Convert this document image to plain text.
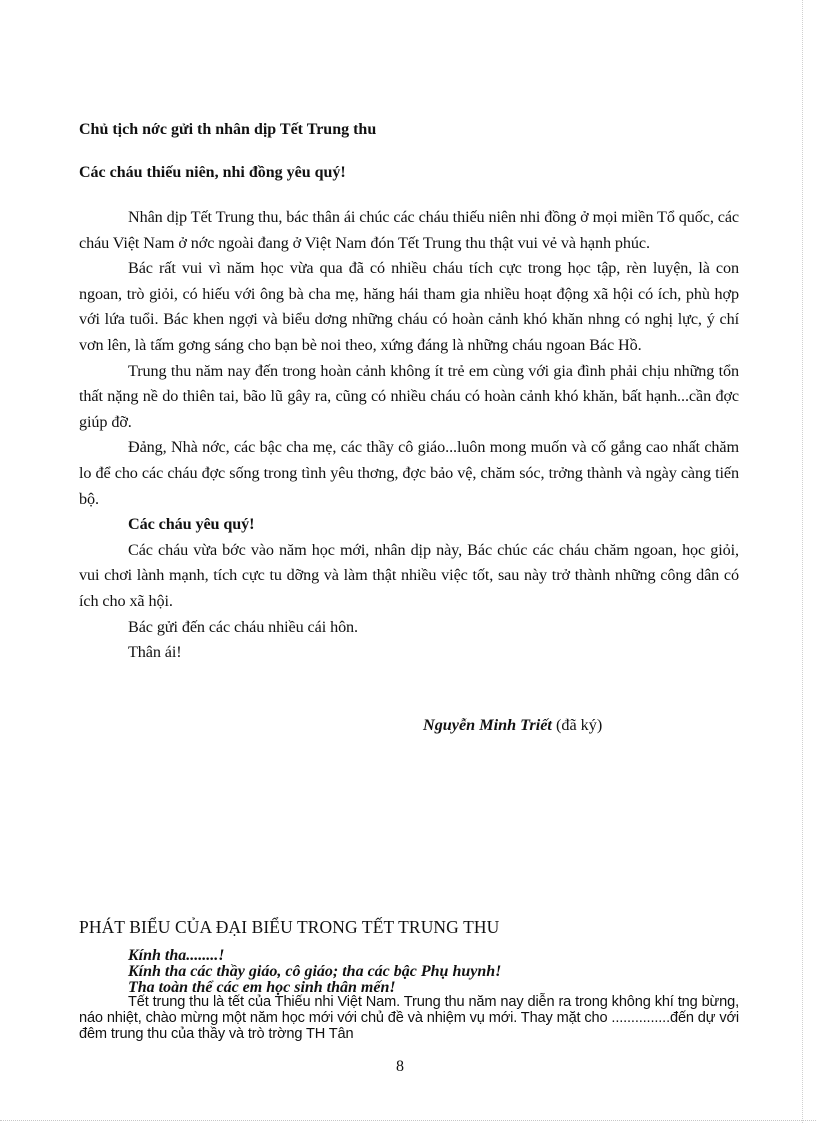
Chủ tịch nớc gửi th nhân dịp Tết Trung thu
Các cháu thiếu niên, nhi đồng yêu quý!

Nhân dịp Tết Trung thu, bác thân ái chúc các cháu thiếu niên nhi đồng ở mọi miền Tổ quốc, các cháu Việt Nam ở nớc ngoài đang ở Việt Nam đón Tết Trung thu thật vui vẻ và hạnh phúc.

Bác rất vui vì năm học vừa qua đã có nhiều cháu tích cực trong học tập, rèn luyện, là con ngoan, trò giỏi, có hiếu với ông bà cha mẹ, hăng hái tham gia nhiều hoạt động xã hội có ích, phù hợp với lứa tuổi. Bác khen ngợi và biểu dơng những cháu có hoàn cảnh khó khăn nhng có nghị lực, ý chí vơn lên, là tấm gơng sáng cho bạn bè noi theo, xứng đáng là những cháu ngoan Bác Hồ.

Trung thu năm nay đến trong hoàn cảnh không ít trẻ em cùng với gia đình phải chịu những tổn thất nặng nề do thiên tai, bão lũ gây ra, cũng có nhiều cháu có hoàn cảnh khó khăn, bất hạnh...cần đợc giúp đỡ.

Đảng, Nhà nớc, các bậc cha mẹ, các thầy cô giáo...luôn mong muốn và cố gắng cao nhất chăm lo để cho các cháu đợc sống trong tình yêu thơng, đợc bảo vệ, chăm sóc, trởng thành và ngày càng tiến bộ.

Các cháu yêu quý!

Các cháu vừa bớc vào năm học mới, nhân dịp này, Bác chúc các cháu chăm ngoan, học giỏi, vui chơi lành mạnh, tích cực tu dỡng và làm thật nhiều việc tốt, sau này trở thành những công dân có ích cho xã hội.

Bác gửi đến các cháu nhiều cái hôn.

Thân ái!

Nguyễn Minh Triết (đã ký)
PHÁT BIỂU CỦA ĐẠI BIỂU TRONG TẾT TRUNG THU

Kính tha........!

Kính tha các thầy giáo, cô giáo; tha các bậc Phụ huynh!

Tha toàn thể các em học sinh thân mến!

Tết trung thu là tết của Thiếu nhi Việt Nam. Trung thu năm nay diễn ra trong không khí tng bừng, náo nhiệt, chào mừng một năm học mới với chủ đề và nhiệm vụ mới. Thay mặt cho ...............đến dự với đêm trung thu của thầy và trò trờng TH Tân

8
